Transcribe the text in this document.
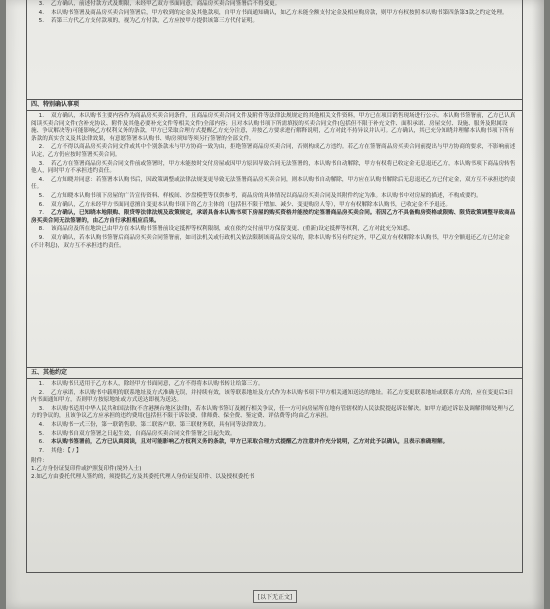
3. 乙方确认，前述付款方式及期限，未经甲乙双方书面同意，商品房买卖合同签署后不得变更。
4. 本认购书签署及商品房买卖合同签署后，甲方收到的定金及其他款项，自甲方书面通知确认，如乙方未能全额支付定金及相应购房款，则甲方有权按照本认购书第四条第3款之约定处理。
5. 若第三方代乙方支付款项的，视为乙方付款，乙方应按甲方提供该第三方代付证明。
四、特别确认事项
1. 双方确认，本认购书主要内容作为商品房买卖合同条件，且商品房买卖合同文件及附件等法律法规规定的其他相关文件资料，甲方已在项目销售现场进行公示。本认购书签署前，乙方已认真阅读买卖合同文件(含补充协议、附件及其他必要补充文件等相关文件)全部内容；且对本认购书项下所需填报的买卖合同文件(包括但不限于补充文件、面积承诺、房屋交付、设施、服务及附属设施、争议解决等)可能影响乙方权利义务的条款，甲方已采取合理方式提醒乙方充分注意，并按乙方要求进行解释说明，乙方对此不持异议并认可。乙方确认，其已充分知晓并理解本认购书项下所有条款的真实含义及其法律效果，有意愿签署本认购书、购房须知等须另行签署的全部文件。
2. 乙方不得以商品房买卖合同文件或其中个别条款未与甲方协商一致为由，拒绝签署商品房买卖合同，否则构成乙方违约。若乙方在签署商品房买卖合同前提出与甲方协商的要求，不影响前述认定，乙方仍应按时签署买卖合同。
3. 若乙方在签署商品房买卖合同文件前或签署时，甲方未能按时交付房屋或因甲方原因导致合同无法签署的，本认购书自动解除，甲方有权将已收定金无息退还乙方，本认购书项下商品房转售他人，同时甲方不承担违约责任。
4. 乙方知晓并同意：若签署本认购书后，因政策调整或法律法规变更导致无法签署商品房买卖合同，则本认购书自动解除，甲方应在认购书解除后无息退还乙方已付定金，双方互不承担违约责任。
5. 乙方知晓本认购书项下房屋的广告宣传资料、样板间、沙盘模型等仅供参考，商品房的具体情况以商品房买卖合同及其附件约定为准。本认购书中对房屋的描述，不构成要约。
6. 双方确认，乙方未经甲方书面同意擅自变更本认购书项下的乙方主体的（包括但不限于增加、减少、变更购房人等），甲方有权解除本认购书，已收定金不予退还。
7. 乙方确认，已知晓本地限购、限贷等法律法规及政策规定，承诺具备本认购书项下房屋的购买资格并能按约定签署商品房买卖合同。若因乙方不具备购房资格或限购、限贷政策调整导致商品房买卖合同无法签署的，由乙方自行承担相应后果。
8. 该商品房及所在地块已由甲方在本认购书签署前设定抵押等权利限制，或在依约交付前甲方保留变更、(重新)设定抵押等权利，乙方对此充分知悉。
9. 双方确认，若本认购书签署后商品房买卖合同签署前，如司法机关或行政机关依法限制该商品房交易的，除本认购书另有约定外，甲乙双方有权解除本认购书，甲方全额退还乙方已付定金(不计利息)，双方互不承担违约责任。
五、其他约定
1. 本认购书只适用于乙方本人，除经甲方书面同意，乙方不得将本认购书转让给第三方。
2. 乙方承诺，本认购书中载明的联系地址及方式准确无误，并持续有效，该等联系地址及方式作为本认购书项下甲方相关通知送达的地址。若乙方变更联系地址或联系方式的，应在变更后3日内书面通知甲方，否则甲方按原地址或方式送达即视为送达。
3. 本认购书适用中华人民共和国法律(不含港澳台地区法律)，若本认购书签订及履行相关争议，任一方可向房屋所在地有管辖权的人民法院提起诉讼解决。如甲方通过诉讼及调解律师处理与乙方的争议的，且该争议乙方应承担的违约费用(包括但不限于诉讼费、律师费、保全费、鉴定费、评估费等)均由乙方承担。
4. 本认购书一式三份，第一联销售联、第二联客户联、第三联财务联，具有同等法律效力。
5. 本认购书自双方签署之日起生效，自商品房买卖合同文件签署之日起失效。
6. 本认购书签署前，乙方已认真阅读，且对可能影响乙方权利义务的条款，甲方已采取合理方式提醒乙方注意并作充分说明，乙方对此予以确认，且表示准确理解。
7. 其他：【 / 】
附件：
1.乙方身份证复印件或护照复印件(境外人士)
2.如乙方由委托代理人签约的，须提供乙方及其委托代理人身份证复印件、以及授权委托书
[以下无正文]
